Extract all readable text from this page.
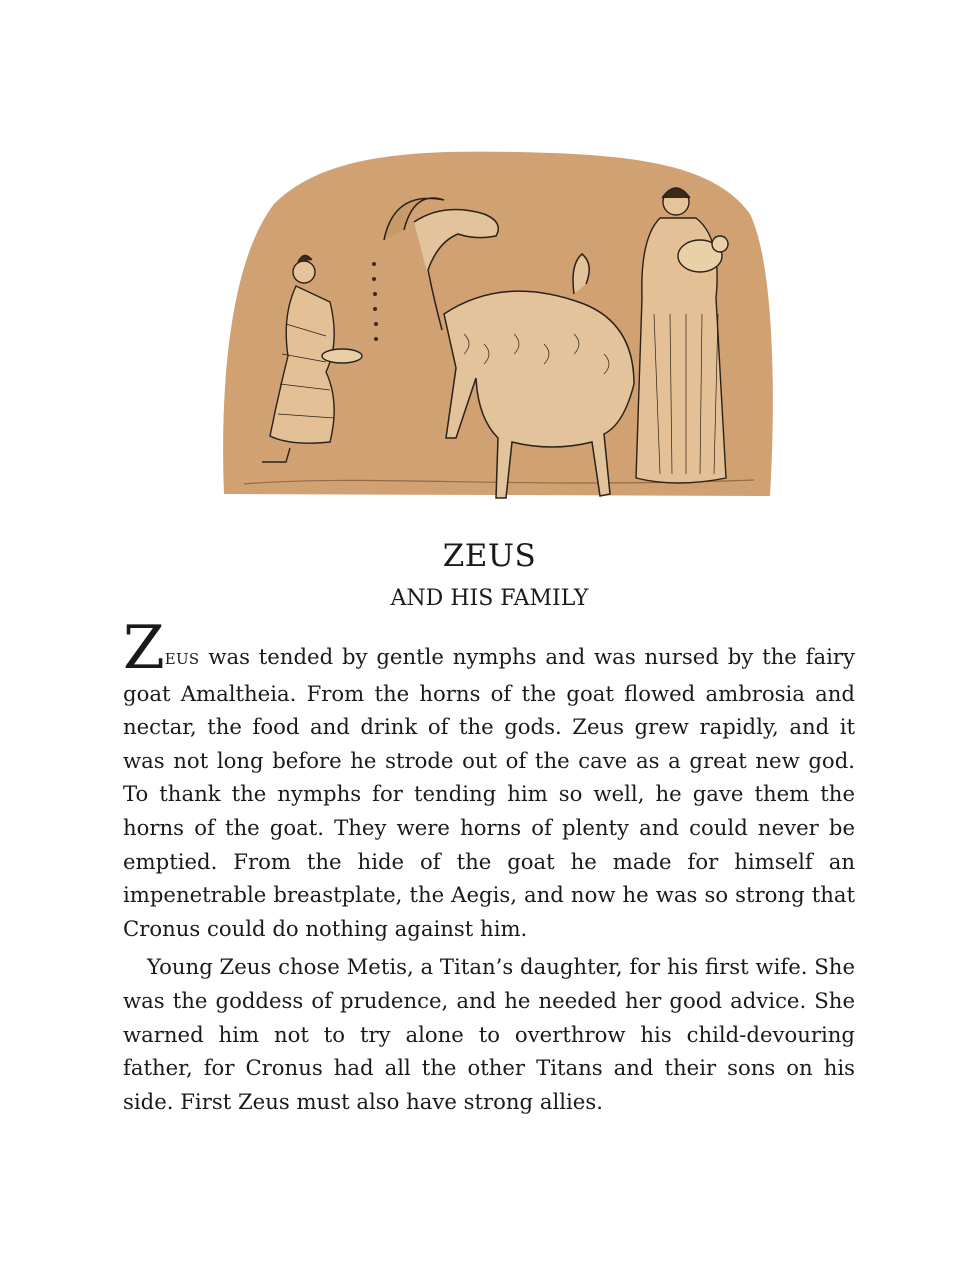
ZEUS
AND HIS FAMILY

ZEUS was tended by gentle nymphs and was nursed by the fairy goat Amaltheia. From the horns of the goat flowed ambrosia and nectar, the food and drink of the gods. Zeus grew rapidly, and it was not long before he strode out of the cave as a great new god. To thank the nymphs for tending him so well, he gave them the horns of the goat. They were horns of plenty and could never be emptied. From the hide of the goat he made for himself an impenetrable breastplate, the Aegis, and now he was so strong that Cronus could do nothing against him.

Young Zeus chose Metis, a Titan’s daughter, for his first wife. She was the goddess of prudence, and he needed her good advice. She warned him not to try alone to overthrow his child-devouring father, for Cronus had all the other Titans and their sons on his side. First Zeus must also have strong allies.
